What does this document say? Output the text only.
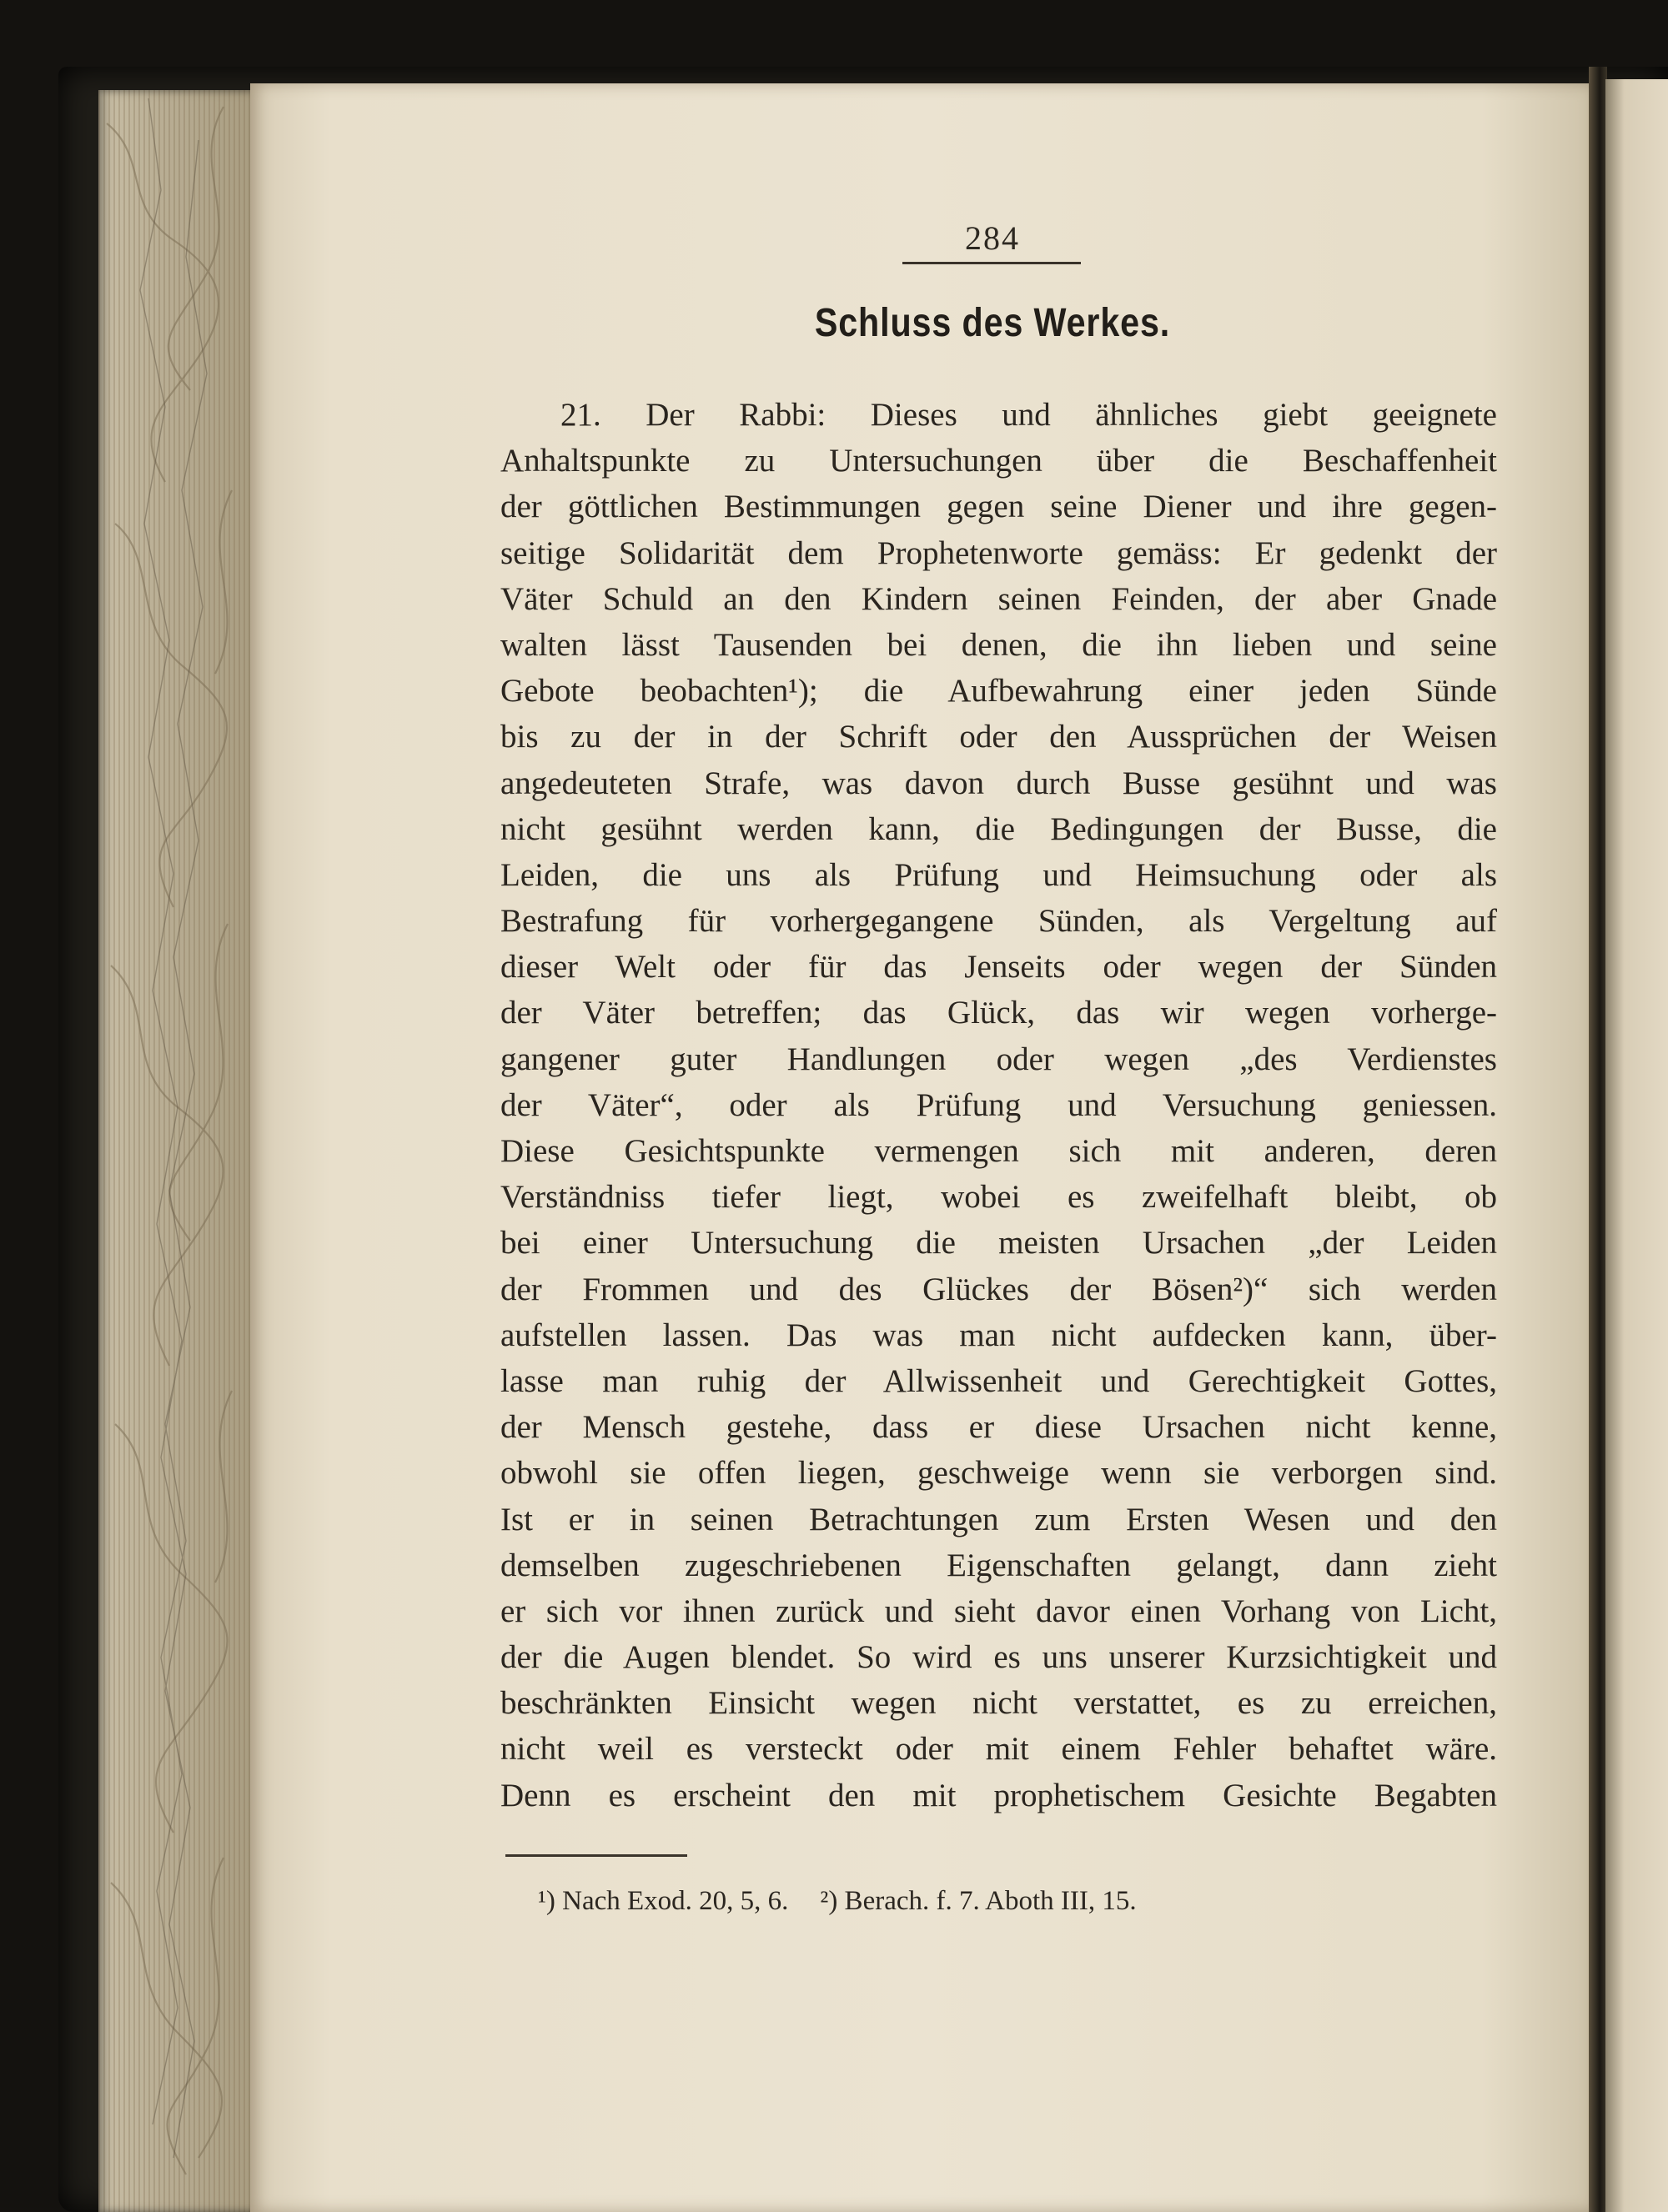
284
Schluss des Werkes.
21. Der Rabbi: Dieses und ähnliches giebt geeignete
Anhaltspunkte zu Untersuchungen über die Beschaffenheit
der göttlichen Bestimmungen gegen seine Diener und ihre gegen-
seitige Solidarität dem Prophetenworte gemäss: Er gedenkt der
Väter Schuld an den Kindern seinen Feinden, der aber Gnade
walten lässt Tausenden bei denen, die ihn lieben und seine
Gebote beobachten¹); die Aufbewahrung einer jeden Sünde
bis zu der in der Schrift oder den Aussprüchen der Weisen
angedeuteten Strafe, was davon durch Busse gesühnt und was
nicht gesühnt werden kann, die Bedingungen der Busse, die
Leiden, die uns als Prüfung und Heimsuchung oder als
Bestrafung für vorhergegangene Sünden, als Vergeltung auf
dieser Welt oder für das Jenseits oder wegen der Sünden
der Väter betreffen; das Glück, das wir wegen vorherge-
gangener guter Handlungen oder wegen „des Verdienstes
der Väter“, oder als Prüfung und Versuchung geniessen.
Diese Gesichtspunkte vermengen sich mit anderen, deren
Verständniss tiefer liegt, wobei es zweifelhaft bleibt, ob
bei einer Untersuchung die meisten Ursachen „der Leiden
der Frommen und des Glückes der Bösen²)“ sich werden
aufstellen lassen. Das was man nicht aufdecken kann, über-
lasse man ruhig der Allwissenheit und Gerechtigkeit Gottes,
der Mensch gestehe, dass er diese Ursachen nicht kenne,
obwohl sie offen liegen, geschweige wenn sie verborgen sind.
Ist er in seinen Betrachtungen zum Ersten Wesen und den
demselben zugeschriebenen Eigenschaften gelangt, dann zieht
er sich vor ihnen zurück und sieht davor einen Vorhang von Licht,
der die Augen blendet. So wird es uns unserer Kurzsichtigkeit und
beschränkten Einsicht wegen nicht verstattet, es zu erreichen,
nicht weil es versteckt oder mit einem Fehler behaftet wäre.
Denn es erscheint den mit prophetischem Gesichte Begabten
¹) Nach Exod. 20, 5, 6. ²) Berach. f. 7. Aboth III, 15.
